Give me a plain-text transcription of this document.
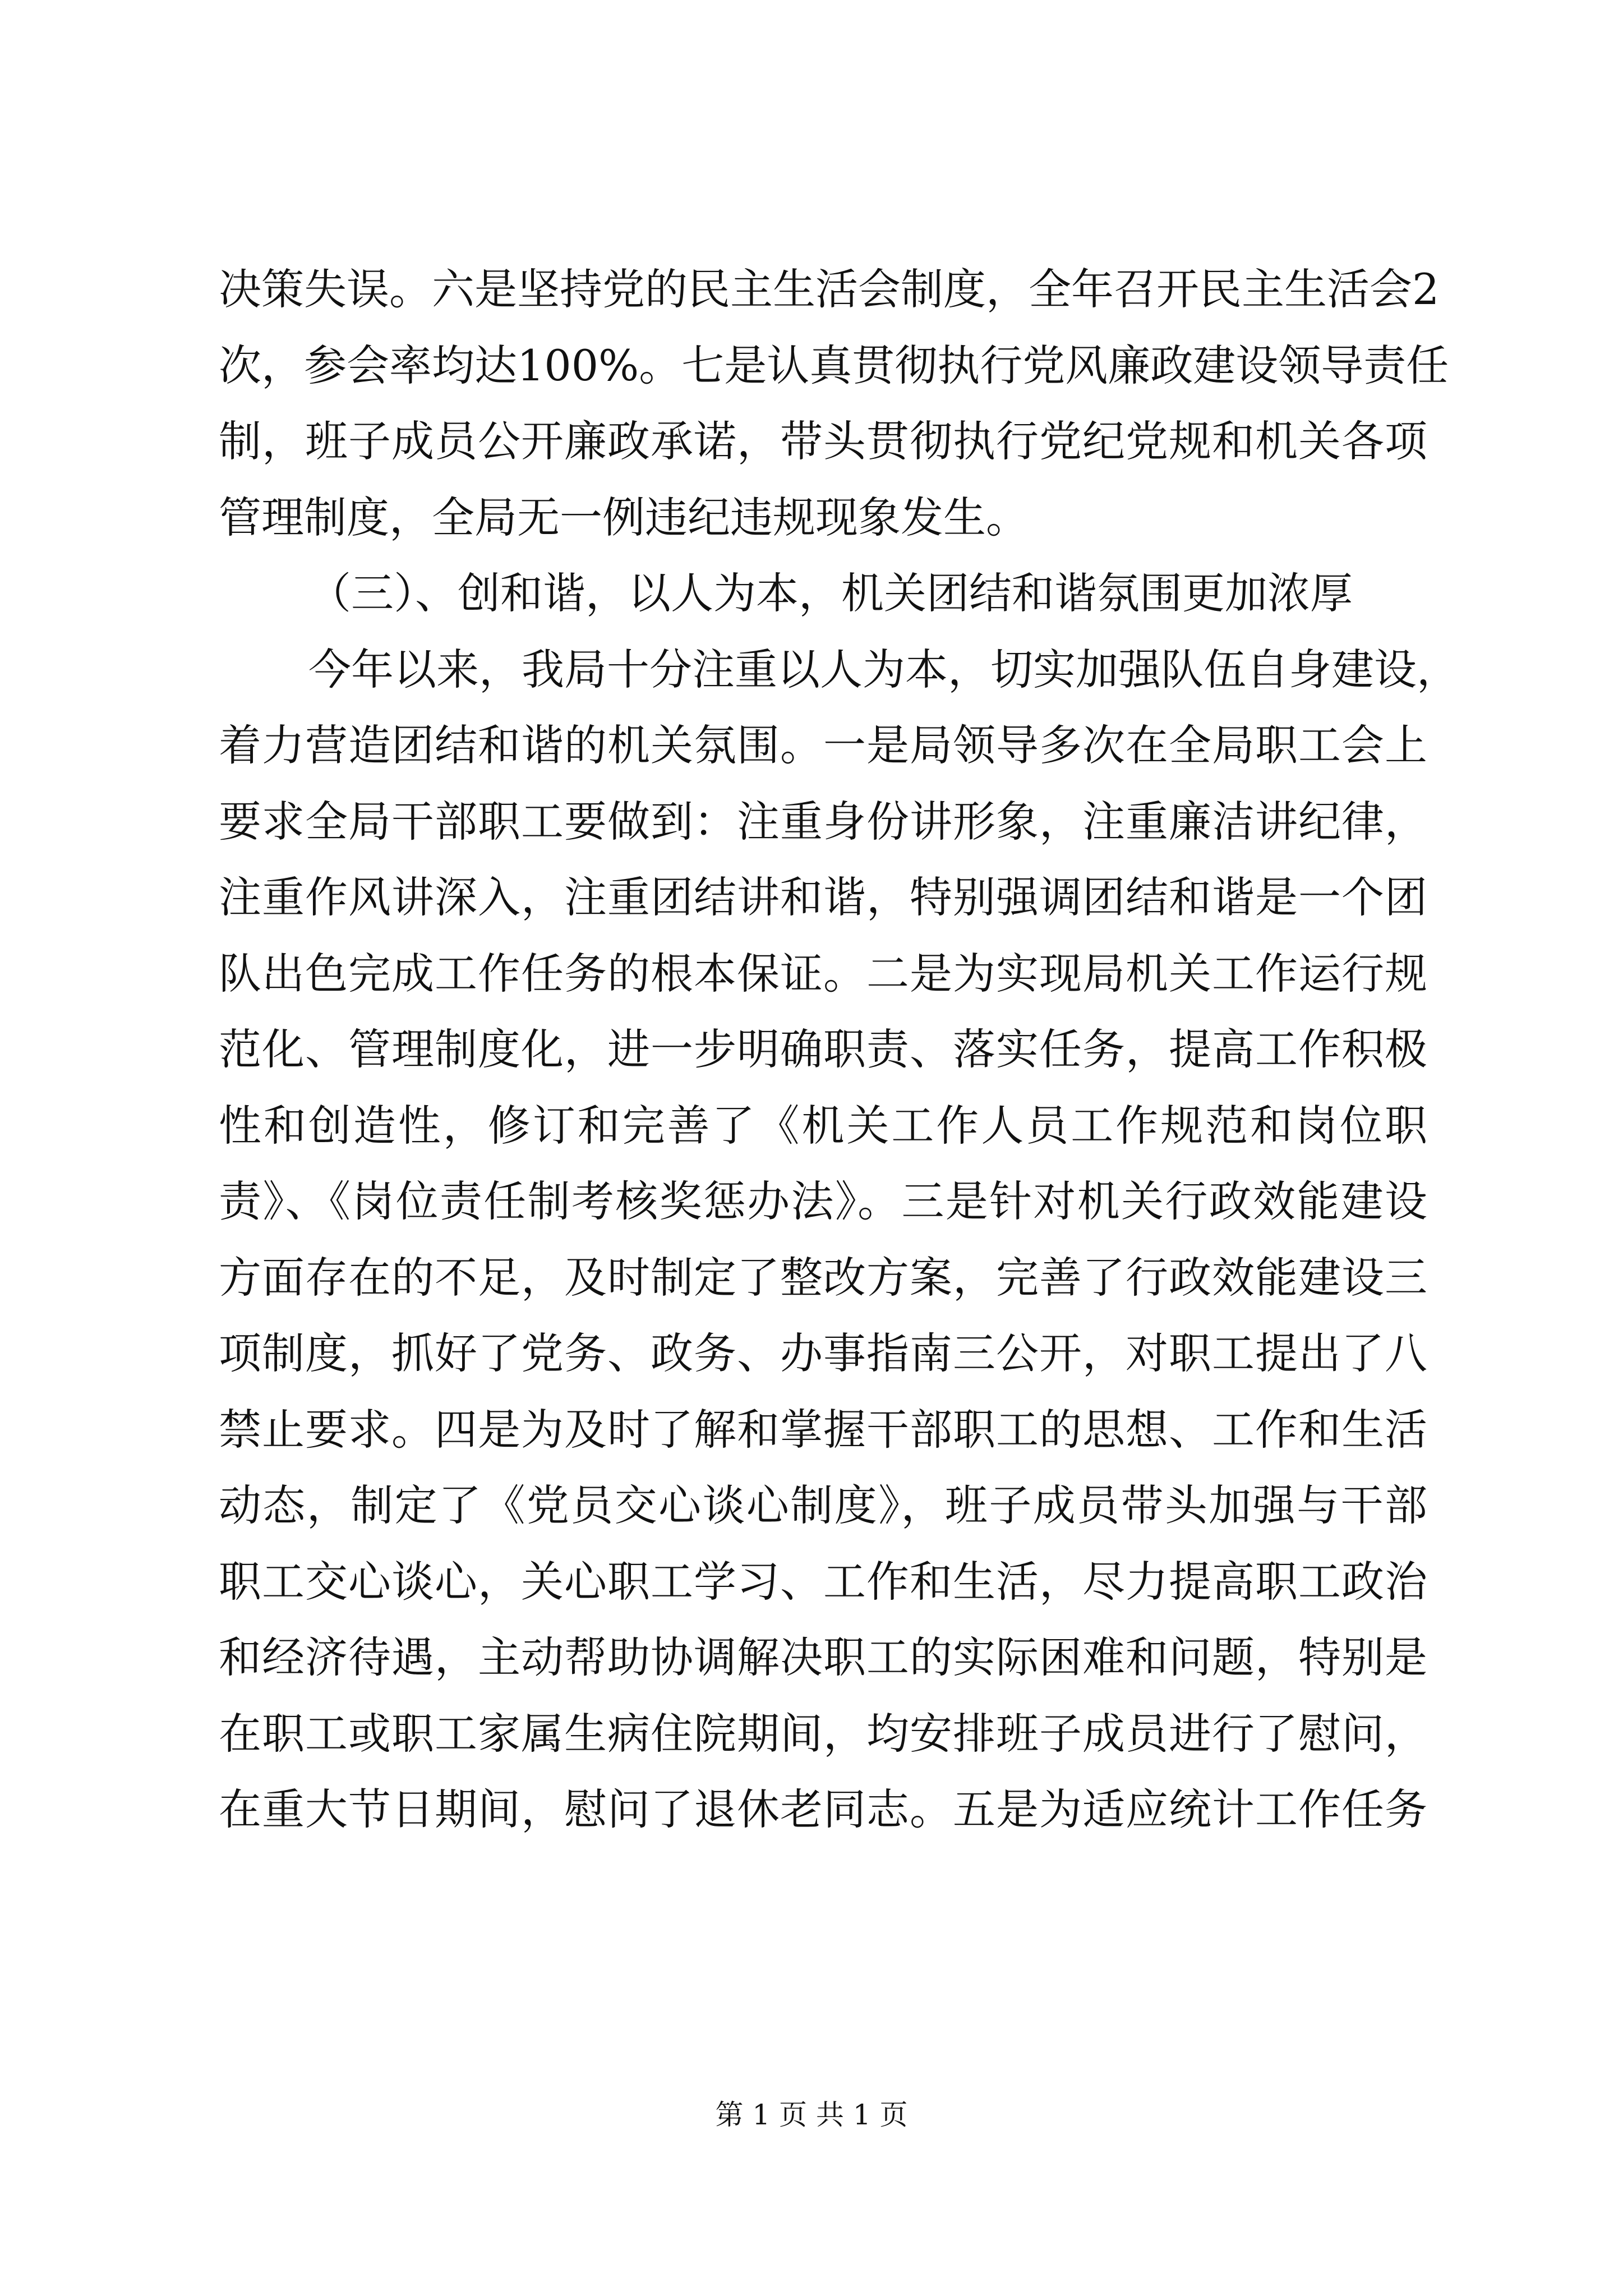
决策失误。六是坚持党的民主生活会制度，全年召开民主生活会2
次，参会率均达100%。七是认真贯彻执行党风廉政建设领导责任
制，班子成员公开廉政承诺，带头贯彻执行党纪党规和机关各项
管理制度，全局无一例违纪违规现象发生。
（三）、创和谐，以人为本，机关团结和谐氛围更加浓厚
今年以来，我局十分注重以人为本，切实加强队伍自身建设，
着力营造团结和谐的机关氛围。一是局领导多次在全局职工会上
要求全局干部职工要做到：注重身份讲形象，注重廉洁讲纪律，
注重作风讲深入，注重团结讲和谐，特别强调团结和谐是一个团
队出色完成工作任务的根本保证。二是为实现局机关工作运行规
范化、管理制度化，进一步明确职责、落实任务，提高工作积极
性和创造性，修订和完善了《机关工作人员工作规范和岗位职
责》、《岗位责任制考核奖惩办法》。三是针对机关行政效能建设
方面存在的不足，及时制定了整改方案，完善了行政效能建设三
项制度，抓好了党务、政务、办事指南三公开，对职工提出了八
禁止要求。四是为及时了解和掌握干部职工的思想、工作和生活
动态，制定了《党员交心谈心制度》，班子成员带头加强与干部
职工交心谈心，关心职工学习、工作和生活，尽力提高职工政治
和经济待遇，主动帮助协调解决职工的实际困难和问题，特别是
在职工或职工家属生病住院期间，均安排班子成员进行了慰问，
在重大节日期间，慰问了退休老同志。五是为适应统计工作任务
第 1 页 共 1 页
